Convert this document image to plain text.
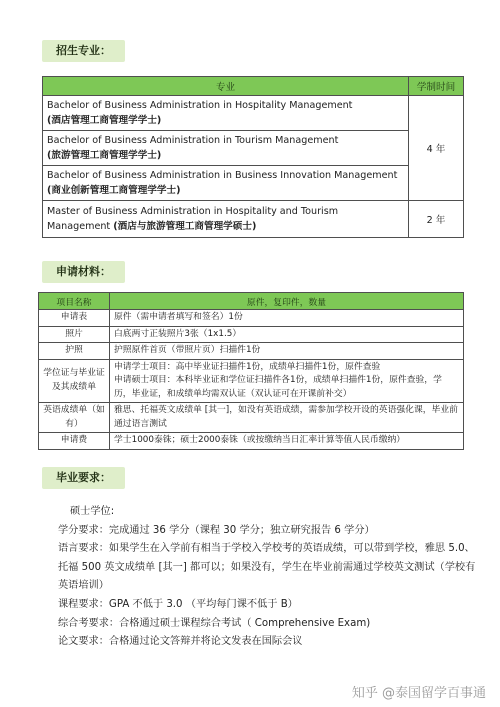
招生专业：
专业	学制时间

Bachelor of Business Administration in Hospitality Management
(酒店管理工商管理学学士)	4 年

Bachelor of Business Administration in Tourism Management
(旅游管理工商管理学学士)	

Bachelor of Business Administration in Business Innovation Management
(商业创新管理工商管理学学士)	

Master of Business Administration in Hospitality and Tourism Management (酒店与旅游管理工商管理学硕士)	2 年
申请材料：
项目名称	原件，复印件，数量
申请表	原件（需申请者填写和签名）1份
照片	白底两寸正装照片3张（1x1.5）
护照	护照原件首页（带照片页）扫描件1份
学位证与毕业证及其成绩单	申请学士项目：高中毕业证扫描件1份，成绩单扫描件1份，原件查验
申请硕士项目：本科毕业证和学位证扫描件各1份，成绩单扫描件1份，原件查验，学历，毕业证，和成绩单均需双认证（双认证可在开课前补交）
英语成绩单（如有）	雅思、托福英文成绩单 [其一]，如没有英语成绩，需参加学校开设的英语强化课，毕业前通过语言测试
申请费	学士1000泰铢；硕士2000泰铢（或按缴纳当日汇率计算等值人民币缴纳）
毕业要求：

硕士学位:

学分要求：完成通过 36 学分（课程 30 学分；独立研究报告 6 学分）

语言要求：如果学生在入学前有相当于学校入学校考的英语成绩，可以带到学校，雅思 5.0、托福 500 英文成绩单 [其一] 都可以；如果没有，学生在毕业前需通过学校英文测试（学校有英语培训）

课程要求：GPA 不低于 3.0 （平均每门课不低于 B）

综合考要求：合格通过硕士课程综合考试（ Comprehensive Exam)

论文要求：合格通过论文答辩并将论文发表在国际会议

知乎 @泰国留学百事通
